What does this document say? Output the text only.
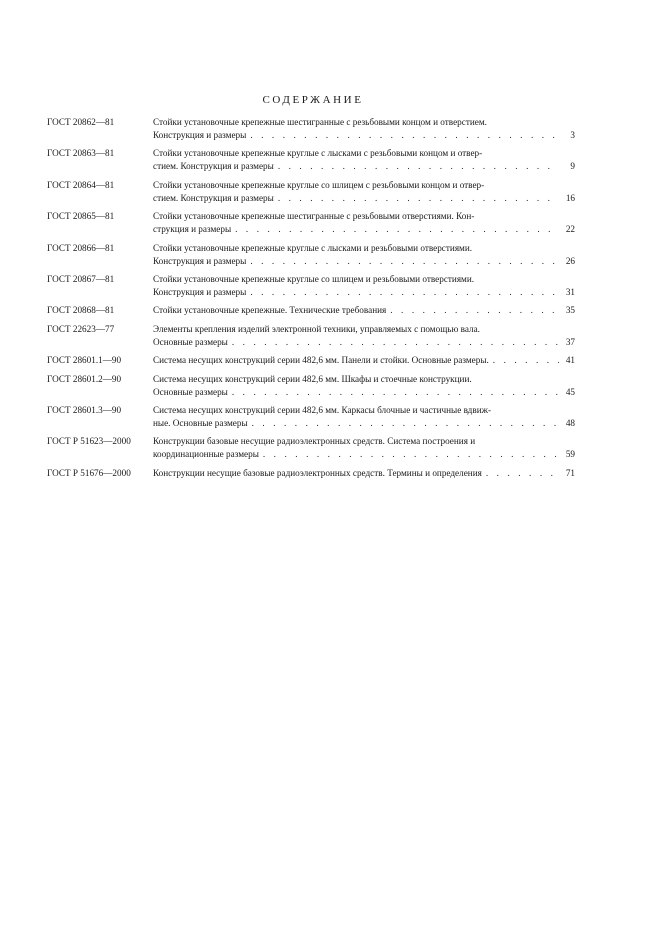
СОДЕРЖАНИЕ
ГОСТ 20862—81	Стойки установочные крепежные шестигранные с резьбовыми концом и отверстием.
Конструкция и размеры . . .	3
ГОСТ 20863—81	Стойки установочные крепежные круглые с лысками с резьбовыми концом и отвер-
стием. Конструкция и размеры . . .	9
ГОСТ 20864—81	Стойки установочные крепежные круглые со шлицем с резьбовыми концом и отвер-
стием. Конструкция и размеры . . .	16
ГОСТ 20865—81	Стойки установочные крепежные шестигранные с резьбовыми отверстиями. Кон-
струкция и размеры . . .	22
ГОСТ 20866—81	Стойки установочные крепежные круглые с лысками и резьбовыми отверстиями.
Конструкция и размеры . . .	26
ГОСТ 20867—81	Стойки установочные крепежные круглые со шлицем и резьбовыми отверстиями.
Конструкция и размеры . . .	31
ГОСТ 20868—81	Стойки установочные крепежные. Технические требования . . .	35
ГОСТ 22623—77	Элементы крепления изделий электронной техники, управляемых с помощью вала.
Основные размеры . . .	37
ГОСТ 28601.1—90	Система несущих конструкций серии 482,6 мм. Панели и стойки. Основные размеры. . . .	41
ГОСТ 28601.2—90	Система несущих конструкций серии 482,6 мм. Шкафы и стоечные конструкции.
Основные размеры . . .	45
ГОСТ 28601.3—90	Система несущих конструкций серии 482,6 мм. Каркасы блочные и частичные вдвиж-
ные. Основные размеры . . .	48
ГОСТ Р 51623—2000	Конструкции базовые несущие радиоэлектронных средств. Система построения и
координационные размеры . . .	59
ГОСТ Р 51676—2000	Конструкции несущие базовые радиоэлектронных средств. Термины и определения . . .	71
